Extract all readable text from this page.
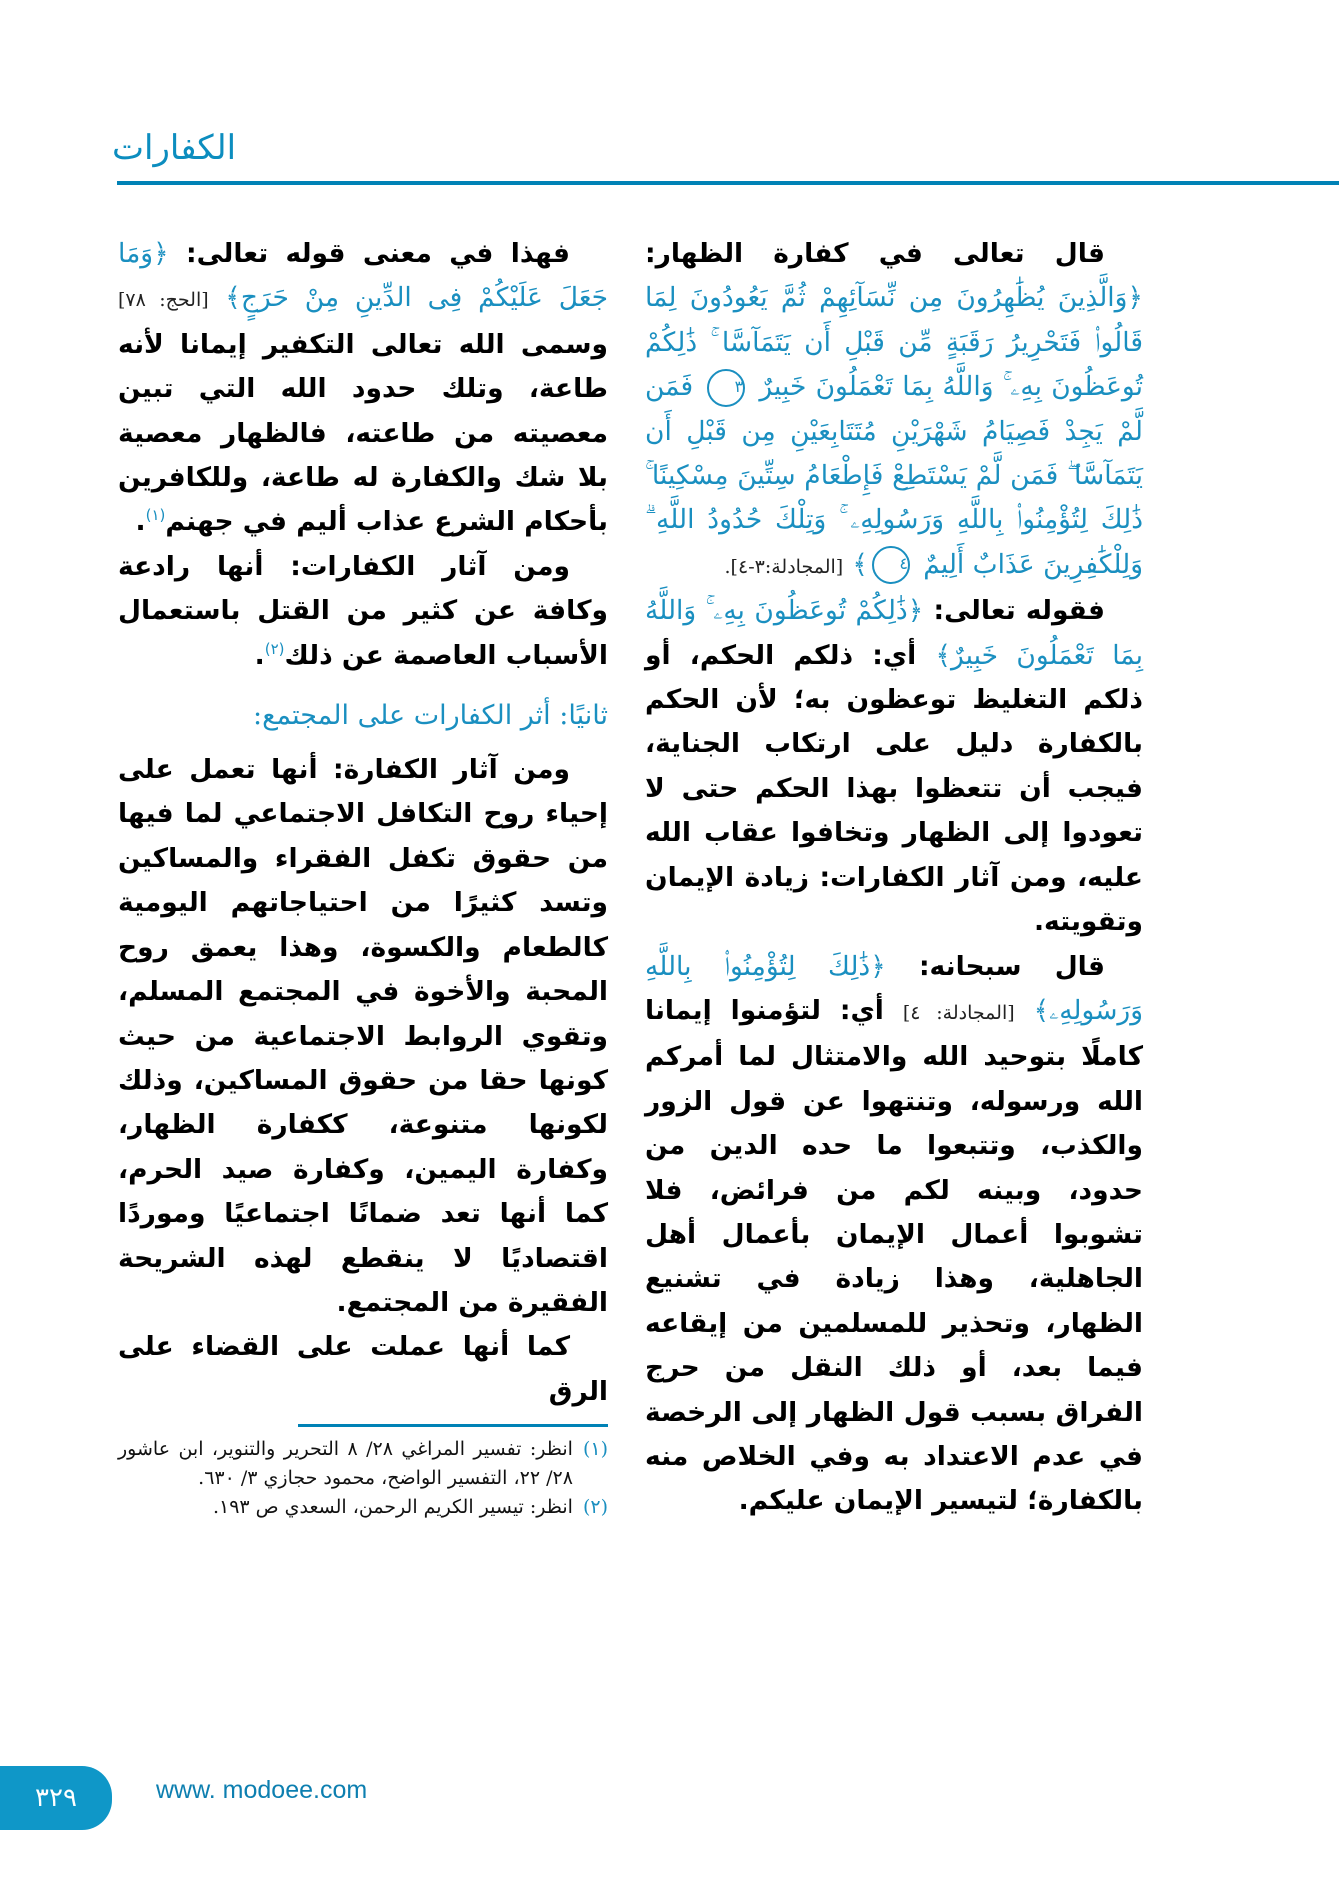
الكفارات

قال تعالى في كفارة الظهار: ﴿وَالَّذِينَ يُظَٰهِرُونَ مِن نِّسَآئِهِمْ ثُمَّ يَعُودُونَ لِمَا قَالُوا۟ فَتَحْرِيرُ رَقَبَةٍ مِّن قَبْلِ أَن يَتَمَآسَّا ۚ ذَٰلِكُمْ تُوعَظُونَ بِهِۦ ۚ وَاللَّهُ بِمَا تَعْمَلُونَ خَبِيرٌ ٣ فَمَن لَّمْ يَجِدْ فَصِيَامُ شَهْرَيْنِ مُتَتَابِعَيْنِ مِن قَبْلِ أَن يَتَمَآسَّا ۖ فَمَن لَّمْ يَسْتَطِعْ فَإِطْعَامُ سِتِّينَ مِسْكِينًا ۚ ذَٰلِكَ لِتُؤْمِنُوا۟ بِاللَّهِ وَرَسُولِهِۦ ۚ وَتِلْكَ حُدُودُ اللَّهِ ۗ وَلِلْكَٰفِرِينَ عَذَابٌ أَلِيمٌ ٤﴾ [المجادلة:٣-٤].

فقوله تعالى: ﴿ذَٰلِكُمْ تُوعَظُونَ بِهِۦ ۚ وَاللَّهُ بِمَا تَعْمَلُونَ خَبِيرٌ﴾ أي: ذلكم الحكم، أو ذلكم التغليظ توعظون به؛ لأن الحكم بالكفارة دليل على ارتكاب الجناية، فيجب أن تتعظوا بهذا الحكم حتى لا تعودوا إلى الظهار وتخافوا عقاب الله عليه، ومن آثار الكفارات: زيادة الإيمان وتقويته.

قال سبحانه: ﴿ذَٰلِكَ لِتُؤْمِنُوا۟ بِاللَّهِ وَرَسُولِهِۦ﴾ [المجادلة: ٤] أي: لتؤمنوا إيمانا كاملًا بتوحيد الله والامتثال لما أمركم الله ورسوله، وتنتهوا عن قول الزور والكذب، وتتبعوا ما حده الدين من حدود، وبينه لكم من فرائض، فلا تشوبوا أعمال الإيمان بأعمال أهل الجاهلية، وهذا زيادة في تشنيع الظهار، وتحذير للمسلمين من إيقاعه فيما بعد، أو ذلك النقل من حرج الفراق بسبب قول الظهار إلى الرخصة في عدم الاعتداد به وفي الخلاص منه بالكفارة؛ لتيسير الإيمان عليكم.

فهذا في معنى قوله تعالى: ﴿وَمَا جَعَلَ عَلَيْكُمْ فِى الدِّينِ مِنْ حَرَجٍ﴾ [الحج: ٧٨] وسمى الله تعالى التكفير إيمانا لأنه طاعة، وتلك حدود الله التي تبين معصيته من طاعته، فالظهار معصية بلا شك والكفارة له طاعة، وللكافرين بأحكام الشرع عذاب أليم في جهنم$^{(١)}$.

ومن آثار الكفارات: أنها رادعة وكافة عن كثير من القتل باستعمال الأسباب العاصمة عن ذلك$^{(٢)}$.

ثانيًا: أثر الكفارات على المجتمع:

ومن آثار الكفارة: أنها تعمل على إحياء روح التكافل الاجتماعي لما فيها من حقوق تكفل الفقراء والمساكين وتسد كثيرًا من احتياجاتهم اليومية كالطعام والكسوة، وهذا يعمق روح المحبة والأخوة في المجتمع المسلم، وتقوي الروابط الاجتماعية من حيث كونها حقا من حقوق المساكين، وذلك لكونها متنوعة، ككفارة الظهار، وكفارة اليمين، وكفارة صيد الحرم، كما أنها تعد ضمانًا اجتماعيًا وموردًا اقتصاديًا لا ينقطع لهذه الشريحة الفقيرة من المجتمع.

كما أنها عملت على القضاء على الرق

(١)
انظر: تفسير المراغي ٢٨/ ٨ التحرير والتنوير، ابن عاشور ٢٨/ ٢٢، التفسير الواضح، محمود حجازي ٣/ ٦٣٠.

(٢)
انظر: تيسير الكريم الرحمن، السعدي ص ١٩٣.

٣٢٩	www. modoee.com
